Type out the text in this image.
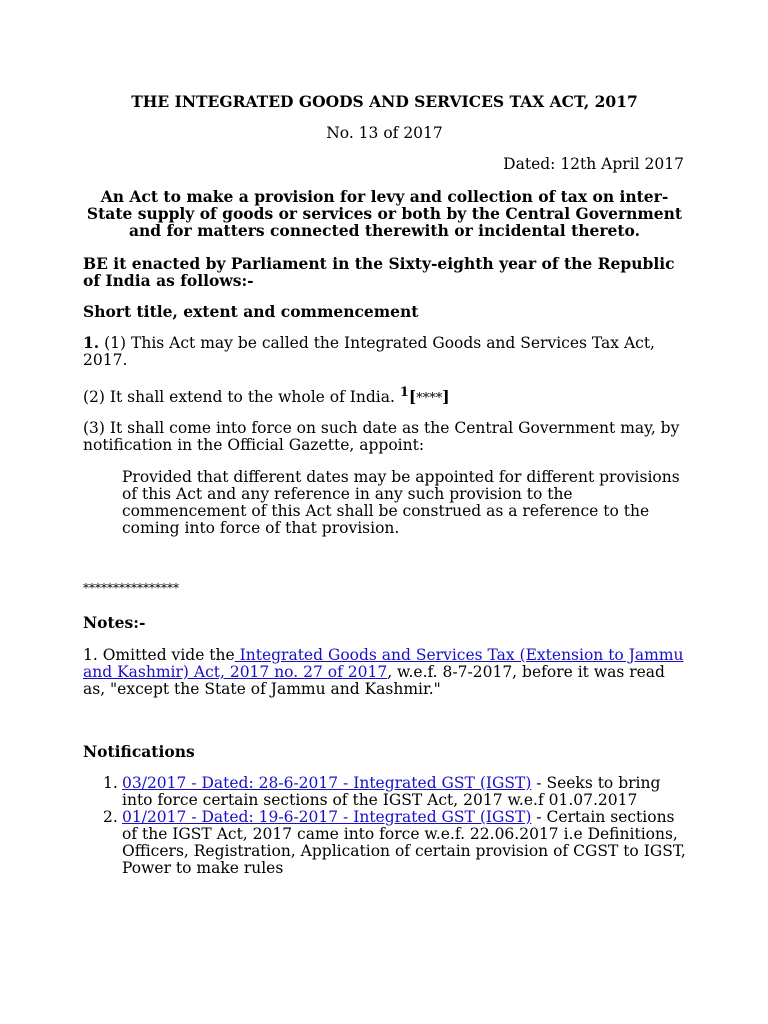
THE INTEGRATED GOODS AND SERVICES TAX ACT, 2017
No. 13 of 2017
Dated: 12th April 2017
An Act to make a provision for levy and collection of tax on inter-State supply of goods or services or both by the Central Government and for matters connected therewith or incidental thereto.
BE it enacted by Parliament in the Sixty-eighth year of the Republic of India as follows:-
Short title, extent and commencement

1. (1) This Act may be called the Integrated Goods and Services Tax Act, 2017.

(2) It shall extend to the whole of India. $^1$[****]

(3) It shall come into force on such date as the Central Government may, by notification in the Official Gazette, appoint:

Provided that different dates may be appointed for different provisions of this Act and any reference in any such provision to the commencement of this Act shall be construed as a reference to the coming into force of that provision.

****************
Notes:-

1. Omitted vide the Integrated Goods and Services Tax (Extension to Jammu and Kashmir) Act, 2017 no. 27 of 2017, w.e.f. 8-7-2017, before it was read as, "except the State of Jammu and Kashmir."

Notifications
1. 03/2017 - Dated: 28-6-2017 - Integrated GST (IGST) - Seeks to bring into force certain sections of the IGST Act, 2017 w.e.f 01.07.2017
2. 01/2017 - Dated: 19-6-2017 - Integrated GST (IGST) - Certain sections of the IGST Act, 2017 came into force w.e.f. 22.06.2017 i.e Definitions, Officers, Registration, Application of certain provision of CGST to IGST, Power to make rules
